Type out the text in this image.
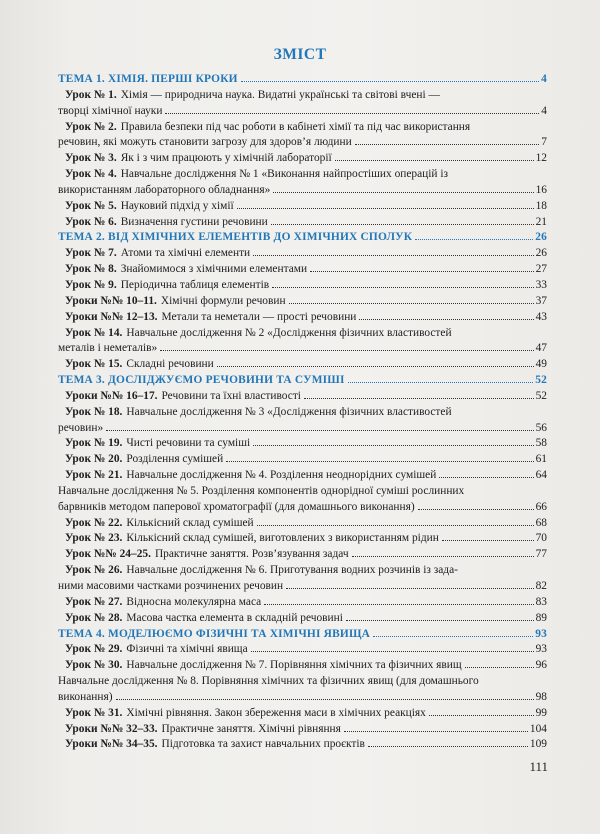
ЗМІСТ
ТЕМА 1. ХІМІЯ. ПЕРШІ КРОКИ	4
Урок № 1. Хімія — природнича наука. Видатні українські та світові вчені —
творці хімічної науки	4
Урок № 2. Правила безпеки під час роботи в кабінеті хімії та під час використання
речовин, які можуть становити загрозу для здоров’я людини	7
Урок № 3. Як і з чим працюють у хімічній лабораторії	12
Урок № 4. Навчальне дослідження № 1 «Виконання найпростіших операцій із
використанням лабораторного обладнання»	16
Урок № 5. Науковий підхід у хімії	18
Урок № 6. Визначення густини речовини	21
ТЕМА 2. ВІД ХІМІЧНИХ ЕЛЕМЕНТІВ ДО ХІМІЧНИХ СПОЛУК	26
Урок № 7. Атоми та хімічні елементи	26
Урок № 8. Знайомимося з хімічними елементами	27
Урок № 9. Періодична таблиця елементів	33
Уроки №№ 10–11. Хімічні формули речовин	37
Уроки №№ 12–13. Метали та неметали — прості речовини	43
Урок № 14. Навчальне дослідження № 2 «Дослідження фізичних властивостей
металів і неметалів»	47
Урок № 15. Складні речовини	49
ТЕМА 3. ДОСЛІДЖУЄМО РЕЧОВИНИ ТА СУМІШІ	52
Уроки №№ 16–17. Речовини та їхні властивості	52
Урок № 18. Навчальне дослідження № 3 «Дослідження фізичних властивостей
речовин»	56
Урок № 19. Чисті речовини та суміші	58
Урок № 20. Розділення сумішей	61
Урок № 21. Навчальне дослідження № 4. Розділення неоднорідних сумішей	64
Навчальне дослідження № 5. Розділення компонентів однорідної суміші рослинних
барвників методом паперової хроматографії (для домашнього виконання)	66
Урок № 22. Кількісний склад сумішей	68
Урок № 23. Кількісний склад сумішей, виготовлених з використанням рідин	70
Урок №№ 24–25. Практичне заняття. Розв’язування задач	77
Урок № 26. Навчальне дослідження № 6. Приготування водних розчинів із зада-
ними масовими частками розчинених речовин	82
Урок № 27. Відносна молекулярна маса	83
Урок № 28. Масова частка елемента в складній речовині	89
ТЕМА 4. МОДЕЛЮЄМО ФІЗИЧНІ ТА ХІМІЧНІ ЯВИЩА	93
Урок № 29. Фізичні та хімічні явища	93
Урок № 30. Навчальне дослідження № 7. Порівняння хімічних та фізичних явищ	96
Навчальне дослідження № 8. Порівняння хімічних та фізичних явищ (для домашнього
виконання)	98
Урок № 31. Хімічні рівняння. Закон збереження маси в хімічних реакціях	99
Уроки №№ 32–33. Практичне заняття. Хімічні рівняння	104
Уроки №№ 34–35. Підготовка та захист навчальних проєктів	109
111
